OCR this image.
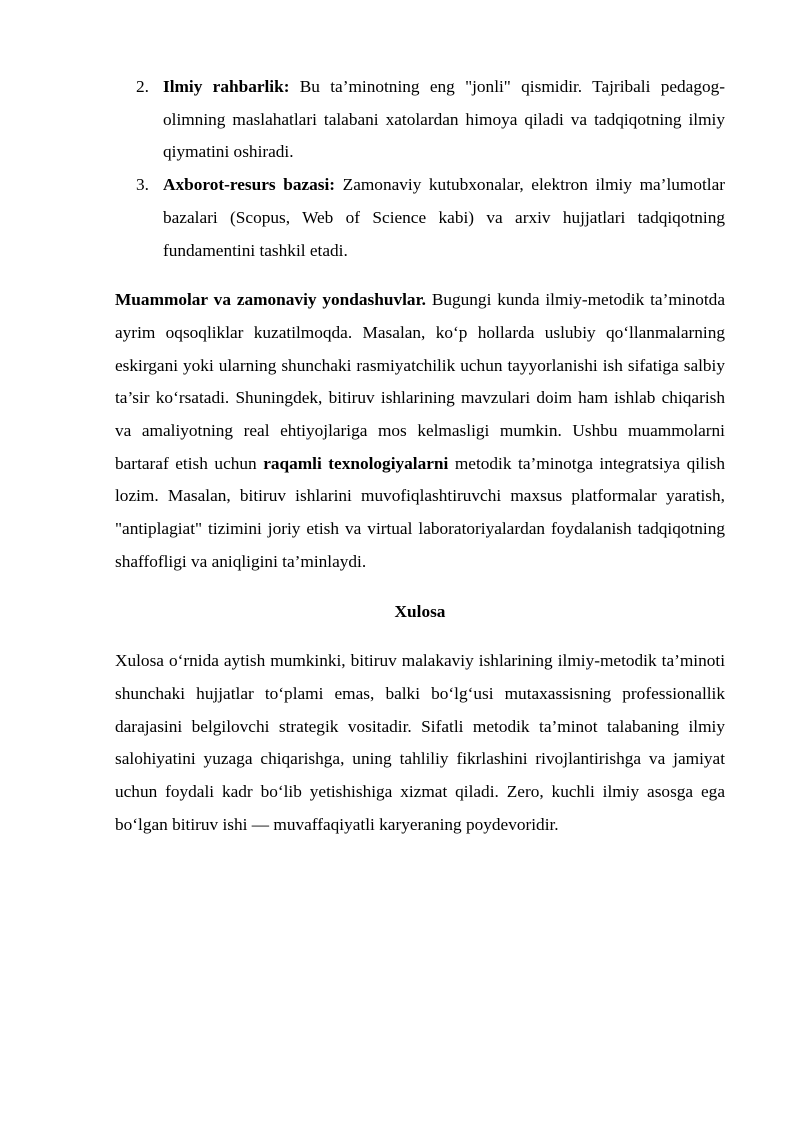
2. Ilmiy rahbarlik: Bu ta’minotning eng "jonli" qismidir. Tajribali pedagog-olimning maslahatlari talabani xatolardan himoya qiladi va tadqiqotning ilmiy qiymatini oshiradi.
3. Axborot-resurs bazasi: Zamonaviy kutubxonalar, elektron ilmiy ma’lumotlar bazalari (Scopus, Web of Science kabi) va arxiv hujjatlari tadqiqotning fundamentini tashkil etadi.

Muammolar va zamonaviy yondashuvlar. Bugungi kunda ilmiy-metodik ta’minotda ayrim oqsoqliklar kuzatilmoqda. Masalan, ko‘p hollarda uslubiy qo‘llanmalarning eskirgani yoki ularning shunchaki rasmiyatchilik uchun tayyorlanishi ish sifatiga salbiy ta’sir ko‘rsatadi. Shuningdek, bitiruv ishlarining mavzulari doim ham ishlab chiqarish va amaliyotning real ehtiyojlariga mos kelmasligi mumkin. Ushbu muammolarni bartaraf etish uchun raqamli texnologiyalarni metodik ta’minotga integratsiya qilish lozim. Masalan, bitiruv ishlarini muvofiqlashtiruvchi maxsus platformalar yaratish, "antiplagiat" tizimini joriy etish va virtual laboratoriyalardan foydalanish tadqiqotning shaffofligi va aniqligini ta’minlaydi.

Xulosa

Xulosa o‘rnida aytish mumkinki, bitiruv malakaviy ishlarining ilmiy-metodik ta’minoti shunchaki hujjatlar to‘plami emas, balki bo‘lg‘usi mutaxassisning professionallik darajasini belgilovchi strategik vositadir. Sifatli metodik ta’minot talabaning ilmiy salohiyatini yuzaga chiqarishga, uning tahliliy fikrlashini rivojlantirishga va jamiyat uchun foydali kadr bo‘lib yetishishiga xizmat qiladi. Zero, kuchli ilmiy asosga ega bo‘lgan bitiruv ishi — muvaffaqiyatli karyeraning poydevoridir.
